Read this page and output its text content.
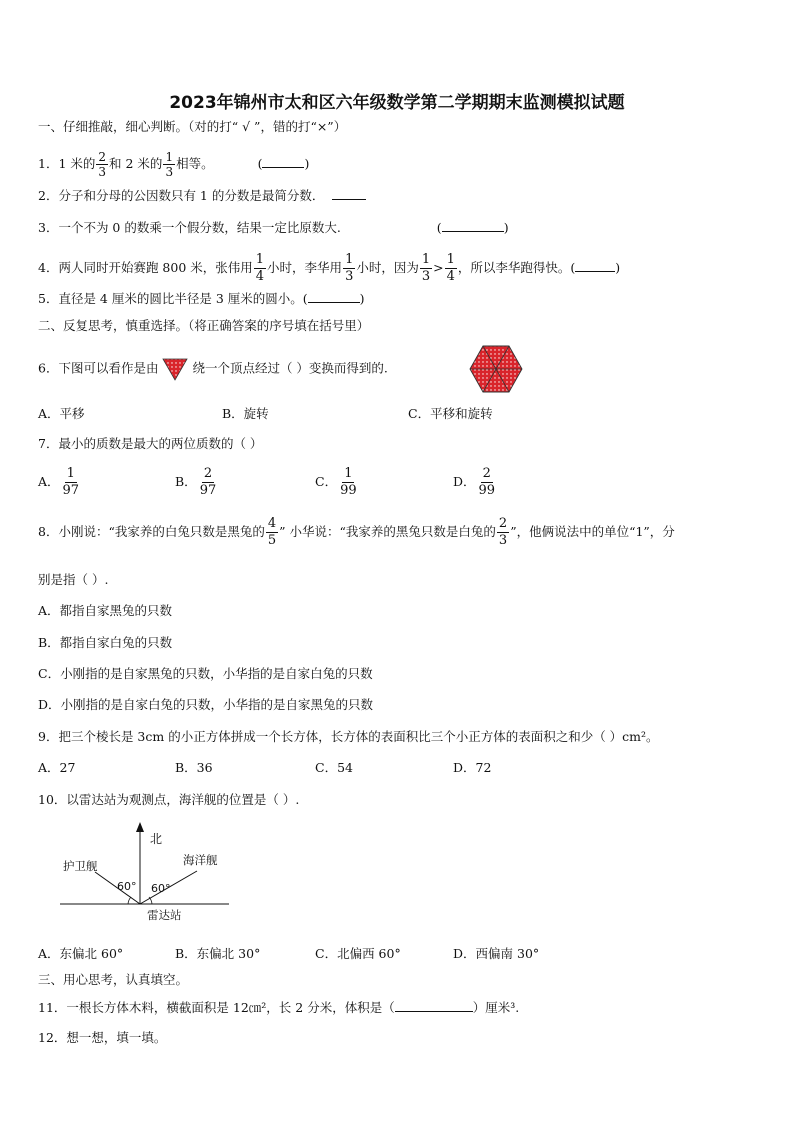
2023年锦州市太和区六年级数学第二学期期末监测模拟试题
一、仔细推敲，细心判断。（对的打“ √ ”，错的打“×”）
1．1 米的 $\frac{2}{3}$ 和 2 米的 $\frac{1}{3}$ 相等。	(	)
2．分子和分母的公因数只有 1 的分数是最简分数．
3．一个不为 0 的数乘一个假分数，结果一定比原数大.	(	)
4．两人同时开始赛跑 800 米，张伟用 $\frac{1}{4}$ 小时，李华用 $\frac{1}{3}$ 小时，因为 $\frac{1}{3} > \frac{1}{4}$ ，所以李华跑得快。(	)
5．直径是 4 厘米的圆比半径是 3 厘米的圆小。(	)
二、反复思考，慎重选择。（将正确答案的序号填在括号里）
6．下图可以看作是由	绕一个顶点经过（ ）变换而得到的.
A．平移	B．旋转	C．平移和旋转
7．最小的质数是最大的两位质数的（ ）
A． $\frac{1}{97}$	B． $\frac{2}{97}$	C． $\frac{1}{99}$	D． $\frac{2}{99}$
8．小刚说：“我家养的白兔只数是黑兔的 $\frac{4}{5}$ ” 小华说：“我家养的黑兔只数是白兔的 $\frac{2}{3}$ ”，他俩说法中的单位“1”，分
别是指（ ）.
A．都指自家黑兔的只数
B．都指自家白兔的只数
C．小刚指的是自家黑兔的只数，小华指的是自家白兔的只数
D．小刚指的是自家白兔的只数，小华指的是自家黑兔的只数
9．把三个棱长是 3cm 的小正方体拼成一个长方体，长方体的表面积比三个小正方体的表面积之和少（ ）cm²。
A．27	B．36	C．54	D．72
10．以雷达站为观测点，海洋舰的位置是（ ）.
北
护卫舰	海洋舰
60° 60°
雷达站
A．东偏北 60°	B．东偏北 30°	C．北偏西 60°	D．西偏南 30°
三、用心思考，认真填空。
11．一根长方体木料，横截面积是 12㎝²，长 2 分米，体积是（	）厘米³.
12．想一想，填一填。
